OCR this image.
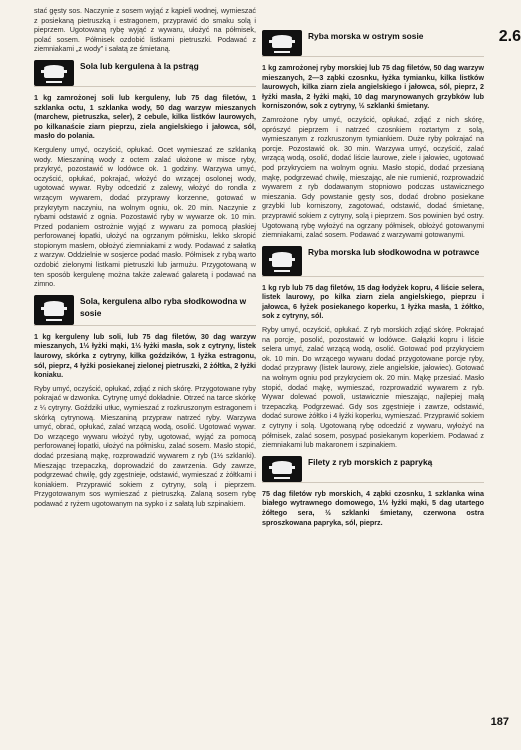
2.6

stać gęsty sos. Naczynie z sosem wyjąć z kąpieli wodnej, wymieszać z posiekaną pietruszką i estragonem, przyprawić do smaku solą i pieprzem. Ugotowaną rybę wyjąć z wywaru, ułożyć na półmisek, polać sosem. Półmisek ozdobić listkami pietruszki. Podawać z ziemniakami „z wody” i sałatą ze śmietaną.

Sola lub kergulena à la pstrąg

1 kg zamrożonej soli lub kerguleny, lub 75 dag filetów, 1 szklanka octu, 1 szklanka wody, 50 dag warzyw mieszanych (marchew, pietruszka, seler), 2 cebule, kilka listków laurowych, po kilkanaście ziarn pieprzu, ziela angielskiego i jałowca, sól, masło do polania.

Kerguleny umyć, oczyścić, opłukać. Ocet wymieszać ze szklanką wody. Mieszaniną wody z octem zalać ułożone w misce ryby, przykryć, pozostawić w lodówce ok. 1 godziny. Warzywa umyć, oczyścić, opłukać, pokrajać, włożyć do wrzącej osolonej wody, ugotować wywar. Ryby odcedzić z zalewy, włożyć do rondla z wrzącym wywarem, dodać przyprawy korzenne, gotować w przykrytym naczyniu, na wolnym ogniu, ok. 20 min. Naczynie z rybami odstawić z ognia. Pozostawić ryby w wywarze ok. 10 min. Przed podaniem ostrożnie wyjąć z wywaru za pomocą płaskiej perforowanej łopatki, ułożyć na ogrzanym półmisku, lekko skropić stopionym masłem, obłożyć ziemniakami z wody. Podawać z sałatką z warzyw. Oddzielnie w sosjerce podać masło. Półmisek z rybą warto ozdobić zielonymi listkami pietruszki lub jarmużu. Przygotowaną w ten sposób kergulenę można także zalewać galaretą i podawać na zimno.

Sola, kergulena albo ryba słodkowodna w sosie

1 kg kerguleny lub soli, lub 75 dag filetów, 30 dag warzyw mieszanych, 1½ łyżki mąki, 1½ łyżki masła, sok z cytryny, listek laurowy, skórka z cytryny, kilka goździków, 1 łyżka estragonu, sól, pieprz, 4 łyżki posiekanej zielonej pietruszki, 2 żółtka, 2 łyżki koniaku.

Ryby umyć, oczyścić, opłukać, zdjąć z nich skórę. Przygotowane ryby pokrajać w dzwonka. Cytrynę umyć dokładnie. Otrzeć na tarce skórkę z ¼ cytryny. Goździki utłuc, wymieszać z rozkruszonym estragonem i skórką cytrynową. Mieszaniną przypraw natrzeć ryby. Warzywa umyć, obrać, opłukać, zalać wrzącą wodą, osolić. Ugotować wywar. Do wrzącego wywaru włożyć ryby, ugotować, wyjąć za pomocą perforowanej łopatki, ułożyć na półmisku, zalać sosem. Masło stopić, dodać przesianą mąkę, rozprowadzić wywarem z ryb (1½ szklanki). Mieszając trzepaczką, doprowadzić do zawrzenia. Gdy zawrze, podgrzewać chwilę, gdy zgęstnieje, odstawić, wymieszać z żółtkami i koniakiem. Przyprawić sokiem z cytryny, solą i pieprzem. Przygotowanym sos wymieszać z pietruszką. Zalaną sosem rybę podawać z ryżem ugotowanym na sypko i z sałatą lub szpinakiem.

Ryba morska w ostrym sosie

1 kg zamrożonej ryby morskiej lub 75 dag filetów, 50 dag warzyw mieszanych, 2—3 ząbki czosnku, łyżka tymianku, kilka listków laurowych, kilka ziarn ziela angielskiego i jałowca, sól, pieprz, 2 łyżki masła, 2 łyżki mąki, 10 dag marynowanych grzybków lub korniszonów, sok z cytryny, ½ szklanki śmietany.

Zamrożone ryby umyć, oczyścić, opłukać, zdjąć z nich skórę, oprószyć pieprzem i natrzeć czosnkiem roztartym z solą, wymieszanym z rozkruszonym tymiankiem. Duże ryby pokrajać na porcje. Pozostawić ok. 30 min. Warzywa umyć, oczyścić, zalać wrzącą wodą, osolić, dodać liście laurowe, ziele i jałowiec, ugotować pod przykryciem na wolnym ogniu. Masło stopić, dodać przesianą mąkę, podgrzewać chwilę, mieszając, ale nie rumienić, rozprowadzić wywarem z ryb dodawanym stopniowo podczas ustawicznego mieszania. Gdy powstanie gęsty sos, dodać drobno posiekane grzybki lub korniszony, zagotować, odstawić, dodać śmietanę, przyprawić sokiem z cytryny, solą i pieprzem. Sos powinien być ostry. Ugotowaną rybę wyłożyć na ogrzany półmisek, obłożyć gotowanymi ziemniakami, zalać sosem. Podawać z warzywami gotowanymi.

Ryba morska lub słodkowodna w potrawce

1 kg ryb lub 75 dag filetów, 15 dag łodyżek kopru, 4 liście selera, listek laurowy, po kilka ziarn ziela angielskiego, pieprzu i jałowca, 6 łyżek posiekanego koperku, 1 łyżka masła, 1 żółtko, sok z cytryny, sól.

Ryby umyć, oczyścić, opłukać. Z ryb morskich zdjąć skórę. Pokrajać na porcje, posolić, pozostawić w lodówce. Gałązki kopru i liście selera umyć, zalać wrzącą wodą, osolić. Gotować pod przykryciem ok. 10 min. Do wrzącego wywaru dodać przygotowane porcje ryby, dodać przyprawy (listek laurowy, ziele angielskie, jałowiec). Gotować na wolnym ogniu pod przykryciem ok. 20 min. Mąkę przesiać. Masło stopić, dodać mąkę, wymieszać, rozprowadzić wywarem z ryb. Wywar dolewać powoli, ustawicznie mieszając, najlepiej małą trzepaczką. Podgrzewać. Gdy sos zgęstnieje i zawrze, odstawić, dodać surowe żółtko i 4 łyżki koperku, wymieszać. Przyprawić sokiem z cytryny i solą. Ugotowaną rybę odcedzić z wywaru, wyłożyć na półmisek, zalać sosem, posypać posiekanym koperkiem. Podawać z ziemniakami lub makaronem i szpinakiem.

Filety z ryb morskich z papryką

75 dag filetów ryb morskich, 4 ząbki czosnku, 1 szklanka wina białego wytrawnego domowego, 1½ łyżki mąki, 5 dag utartego żółtego sera, ½ szklanki śmietany, czerwona ostra sproszkowana papryka, sól, pieprz.

187
